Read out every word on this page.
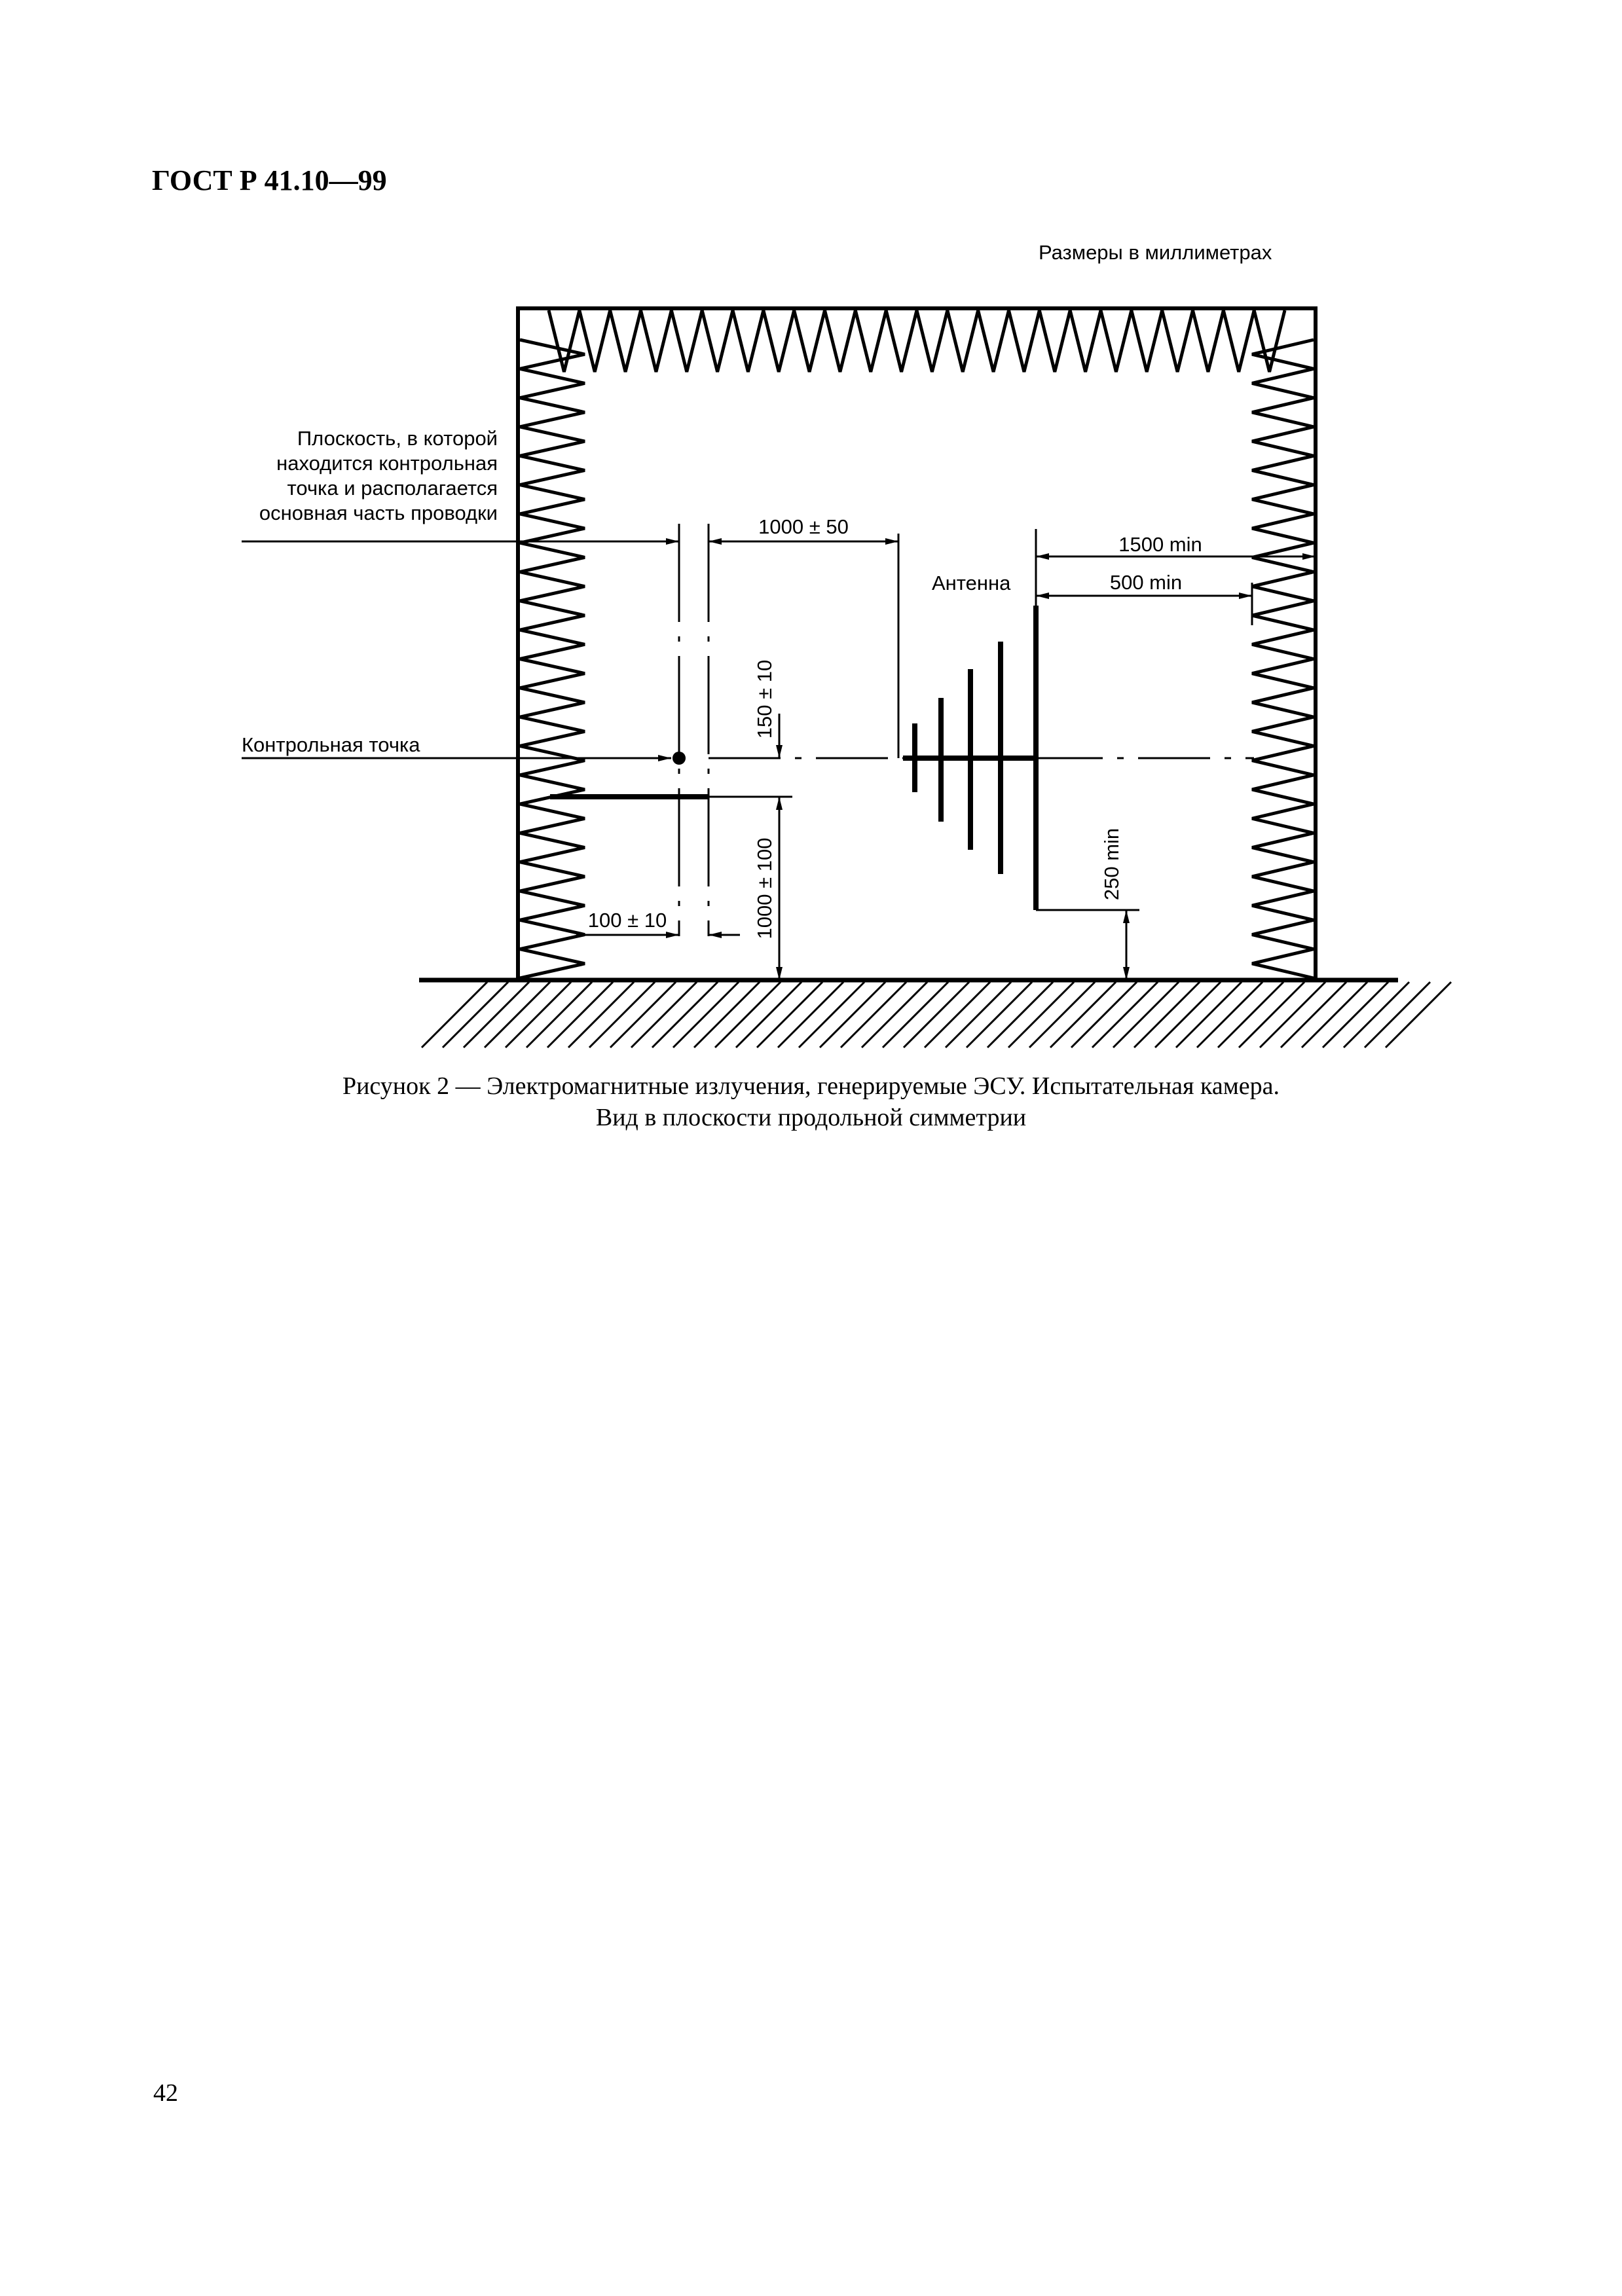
ГОСТ Р 41.10—99
Размеры в миллиметрах
Плоскость, в которой
находится контрольная
точка и располагается
основная часть проводки
Контрольная точка
Антенна
1000 ± 50
1500 min
500 min
150 ± 10
1000 ± 100
100 ± 10
250 min
Рисунок 2 — Электромагнитные излучения, генерируемые ЭСУ. Испытательная камера.
Вид в плоскости продольной симметрии
42
